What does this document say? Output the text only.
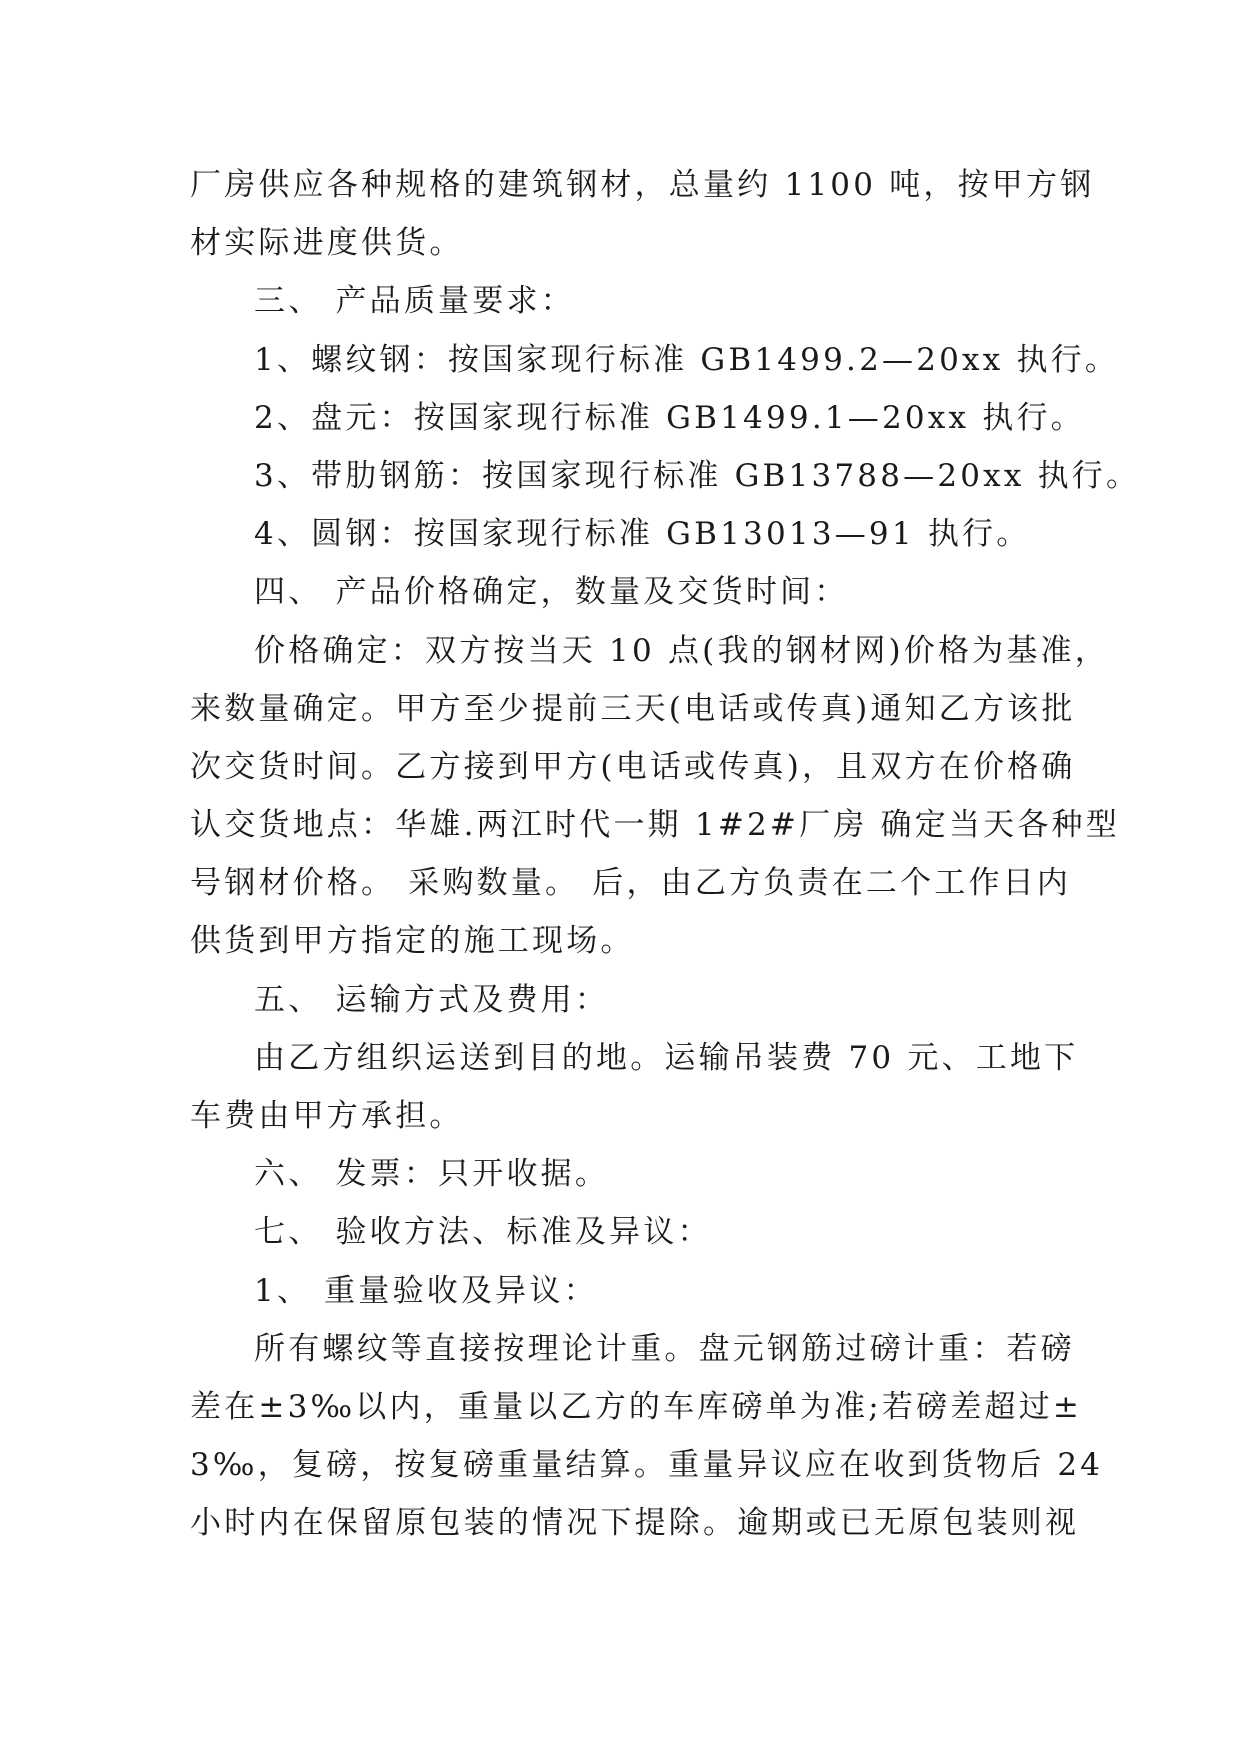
厂房供应各种规格的建筑钢材，总量约 1100 吨，按甲方钢
材实际进度供货。
三、 产品质量要求：
1、螺纹钢：按国家现行标准 GB1499.2—20xx 执行。
2、盘元：按国家现行标准 GB1499.1—20xx 执行。
3、带肋钢筋：按国家现行标准 GB13788—20xx 执行。
4、圆钢：按国家现行标准 GB13013—91 执行。
四、 产品价格确定，数量及交货时间：
价格确定：双方按当天 10 点(我的钢材网)价格为基准，
来数量确定。甲方至少提前三天(电话或传真)通知乙方该批
次交货时间。乙方接到甲方(电话或传真)，且双方在价格确
认交货地点：华雄.两江时代一期 1#2#厂房 确定当天各种型
号钢材价格。 采购数量。 后，由乙方负责在二个工作日内
供货到甲方指定的施工现场。
五、 运输方式及费用：
由乙方组织运送到目的地。运输吊装费 70 元、工地下
车费由甲方承担。
六、 发票：只开收据。
七、 验收方法、标准及异议：
1、 重量验收及异议：
所有螺纹等直接按理论计重。盘元钢筋过磅计重：若磅
差在±3‰以内，重量以乙方的车库磅单为准;若磅差超过±
3‰，复磅，按复磅重量结算。重量异议应在收到货物后 24
小时内在保留原包装的情况下提除。逾期或已无原包装则视
